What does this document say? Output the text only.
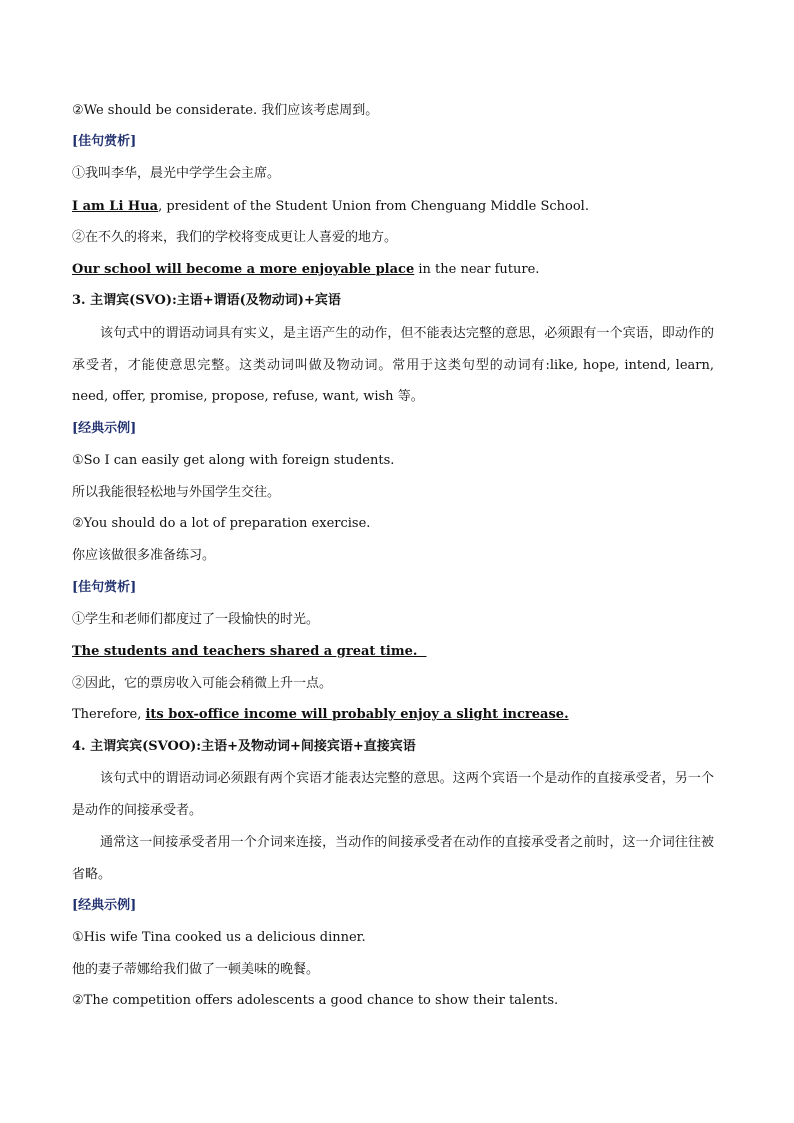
②We should be considerate. 我们应该考虑周到。
[佳句赏析]
①我叫李华，晨光中学学生会主席。
I am Li Hua, president of the Student Union from Chenguang Middle School.
②在不久的将来，我们的学校将变成更让人喜爱的地方。
Our school will become a more enjoyable place in the near future.
3. 主谓宾(SVO):主语+谓语(及物动词)+宾语
该句式中的谓语动词具有实义，是主语产生的动作，但不能表达完整的意思，必须跟有一个宾语，即动作的承受者，才能使意思完整。这类动词叫做及物动词。常用于这类句型的动词有:like, hope, intend, learn, need, offer, promise, propose, refuse, want, wish 等。
[经典示例]
①So I can easily get along with foreign students.
所以我能很轻松地与外国学生交往。
②You should do a lot of preparation exercise.
你应该做很多准备练习。
[佳句赏析]
①学生和老师们都度过了一段愉快的时光。
The students and teachers shared a great time.
②因此，它的票房收入可能会稍微上升一点。
Therefore, its box-office income will probably enjoy a slight increase.
4. 主谓宾宾(SVOO):主语+及物动词+间接宾语+直接宾语
该句式中的谓语动词必须跟有两个宾语才能表达完整的意思。这两个宾语一个是动作的直接承受者，另一个是动作的间接承受者。
通常这一间接承受者用一个介词来连接，当动作的间接承受者在动作的直接承受者之前时，这一介词往往被省略。
[经典示例]
①His wife Tina cooked us a delicious dinner.
他的妻子蒂娜给我们做了一顿美味的晚餐。
②The competition offers adolescents a good chance to show their talents.
